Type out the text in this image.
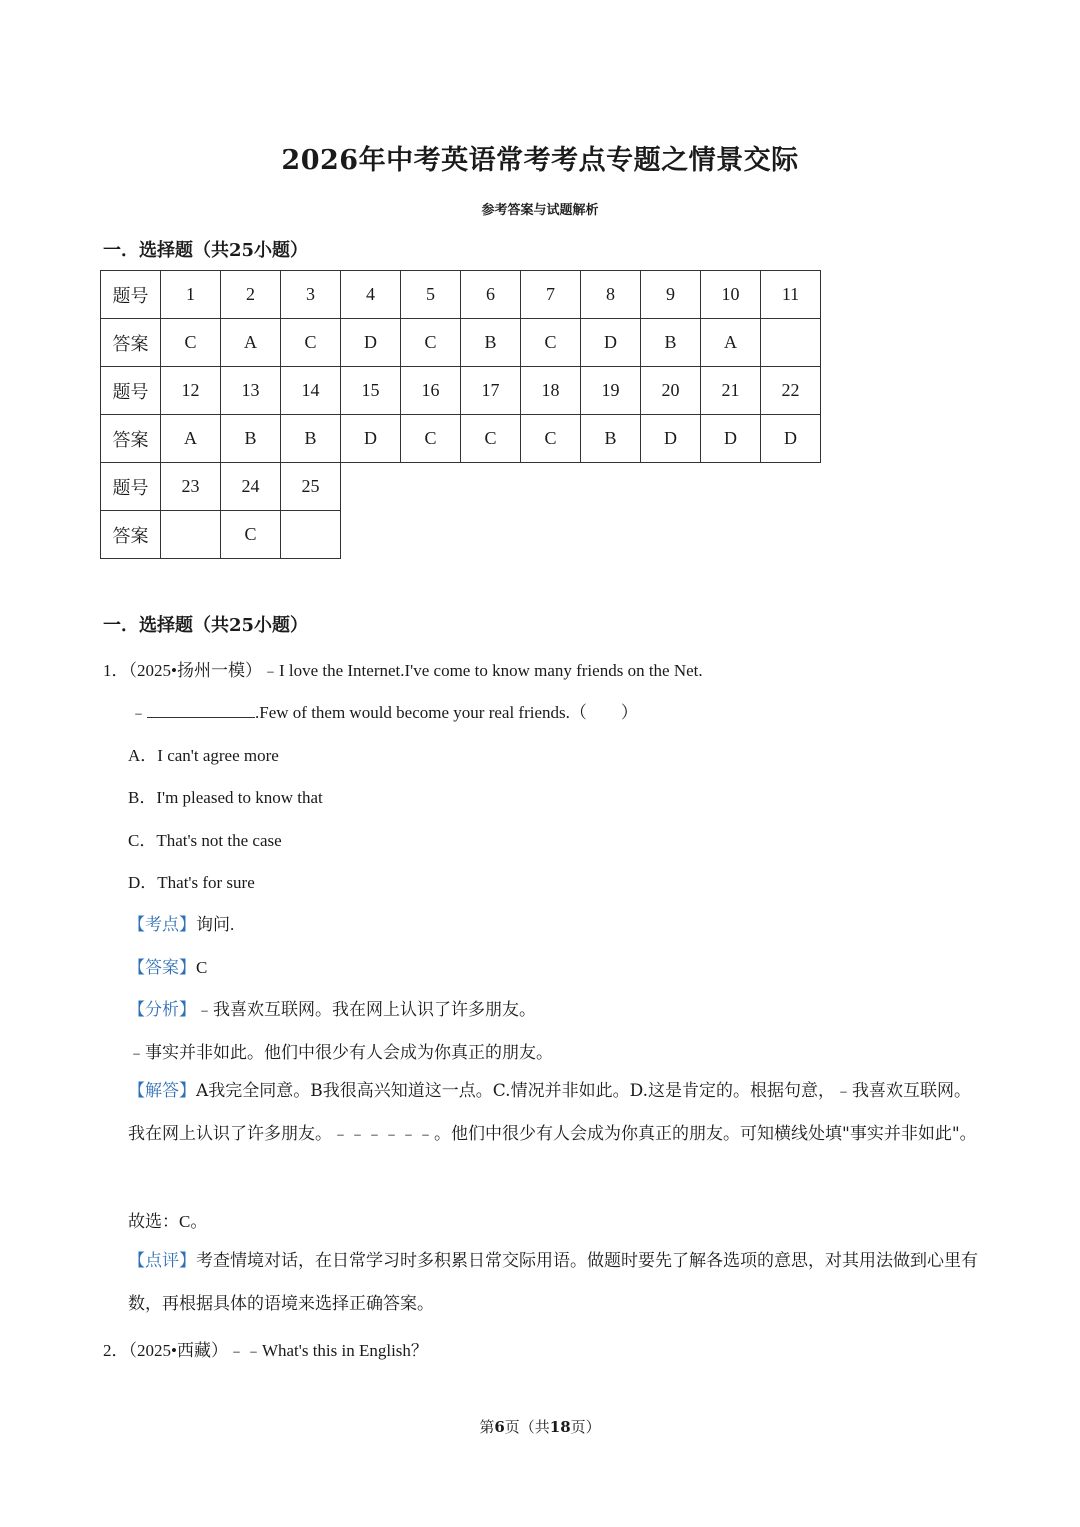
2026年中考英语常考考点专题之情景交际
参考答案与试题解析
一．选择题（共25小题）
题号	1	2	3	4	5	6	7	8	9	10	11
答案	C	A	C	D	C	B	C	D	B	A	
题号	12	13	14	15	16	17	18	19	20	21	22
答案	A	B	B	D	C	C	C	B	D	D	D
题号	23	24	25								
答案		C									
一．选择题（共25小题）
1．（2025•扬州一模）﹣I love the Internet.I've come to know many friends on the Net.
﹣	.Few of them would become your real friends.（　　）
A．I can't agree more
B．I'm pleased to know that
C．That's not the case
D．That's for sure
【考点】询问.
【答案】C
【分析】﹣我喜欢互联网。我在网上认识了许多朋友。
﹣事实并非如此。他们中很少有人会成为你真正的朋友。
【解答】A我完全同意。B我很高兴知道这一点。C.情况并非如此。D.这是肯定的。根据句意，﹣我喜欢互联网。我在网上认识了许多朋友。﹣﹣﹣﹣﹣﹣。他们中很少有人会成为你真正的朋友。可知横线处填"事实并非如此"。
故选：C。
【点评】考查情境对话，在日常学习时多积累日常交际用语。做题时要先了解各选项的意思，对其用法做到心里有数，再根据具体的语境来选择正确答案。
2．（2025•西藏）﹣﹣What's this in English？
第6页（共18页）
